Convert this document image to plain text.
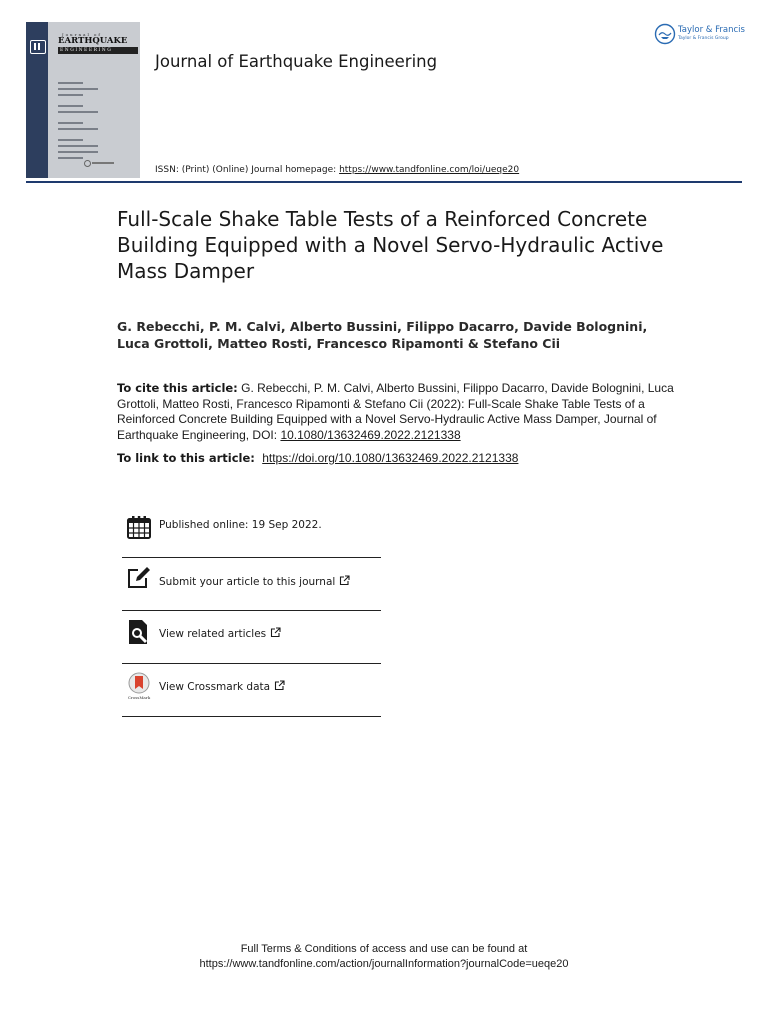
Journal of
EARTHQUAKE
ENGINEERING
Journal of Earthquake Engineering
Taylor & Francis
Taylor & Francis Group
ISSN: (Print) (Online) Journal homepage: https://www.tandfonline.com/loi/ueqe20
Full-Scale Shake Table Tests of a Reinforced Concrete Building Equipped with a Novel Servo-Hydraulic Active Mass Damper
G. Rebecchi, P. M. Calvi, Alberto Bussini, Filippo Dacarro, Davide Bolognini, Luca Grottoli, Matteo Rosti, Francesco Ripamonti & Stefano Cii
To cite this article: G. Rebecchi, P. M. Calvi, Alberto Bussini, Filippo Dacarro, Davide Bolognini, Luca Grottoli, Matteo Rosti, Francesco Ripamonti & Stefano Cii (2022): Full-Scale Shake Table Tests of a Reinforced Concrete Building Equipped with a Novel Servo-Hydraulic Active Mass Damper, Journal of Earthquake Engineering, DOI: 10.1080/13632469.2022.2121338
To link to this article: https://doi.org/10.1080/13632469.2022.2121338
Published online: 19 Sep 2022.
Submit your article to this journal
View related articles
CrossMark
View Crossmark data
Full Terms & Conditions of access and use can be found at
https://www.tandfonline.com/action/journalInformation?journalCode=ueqe20
